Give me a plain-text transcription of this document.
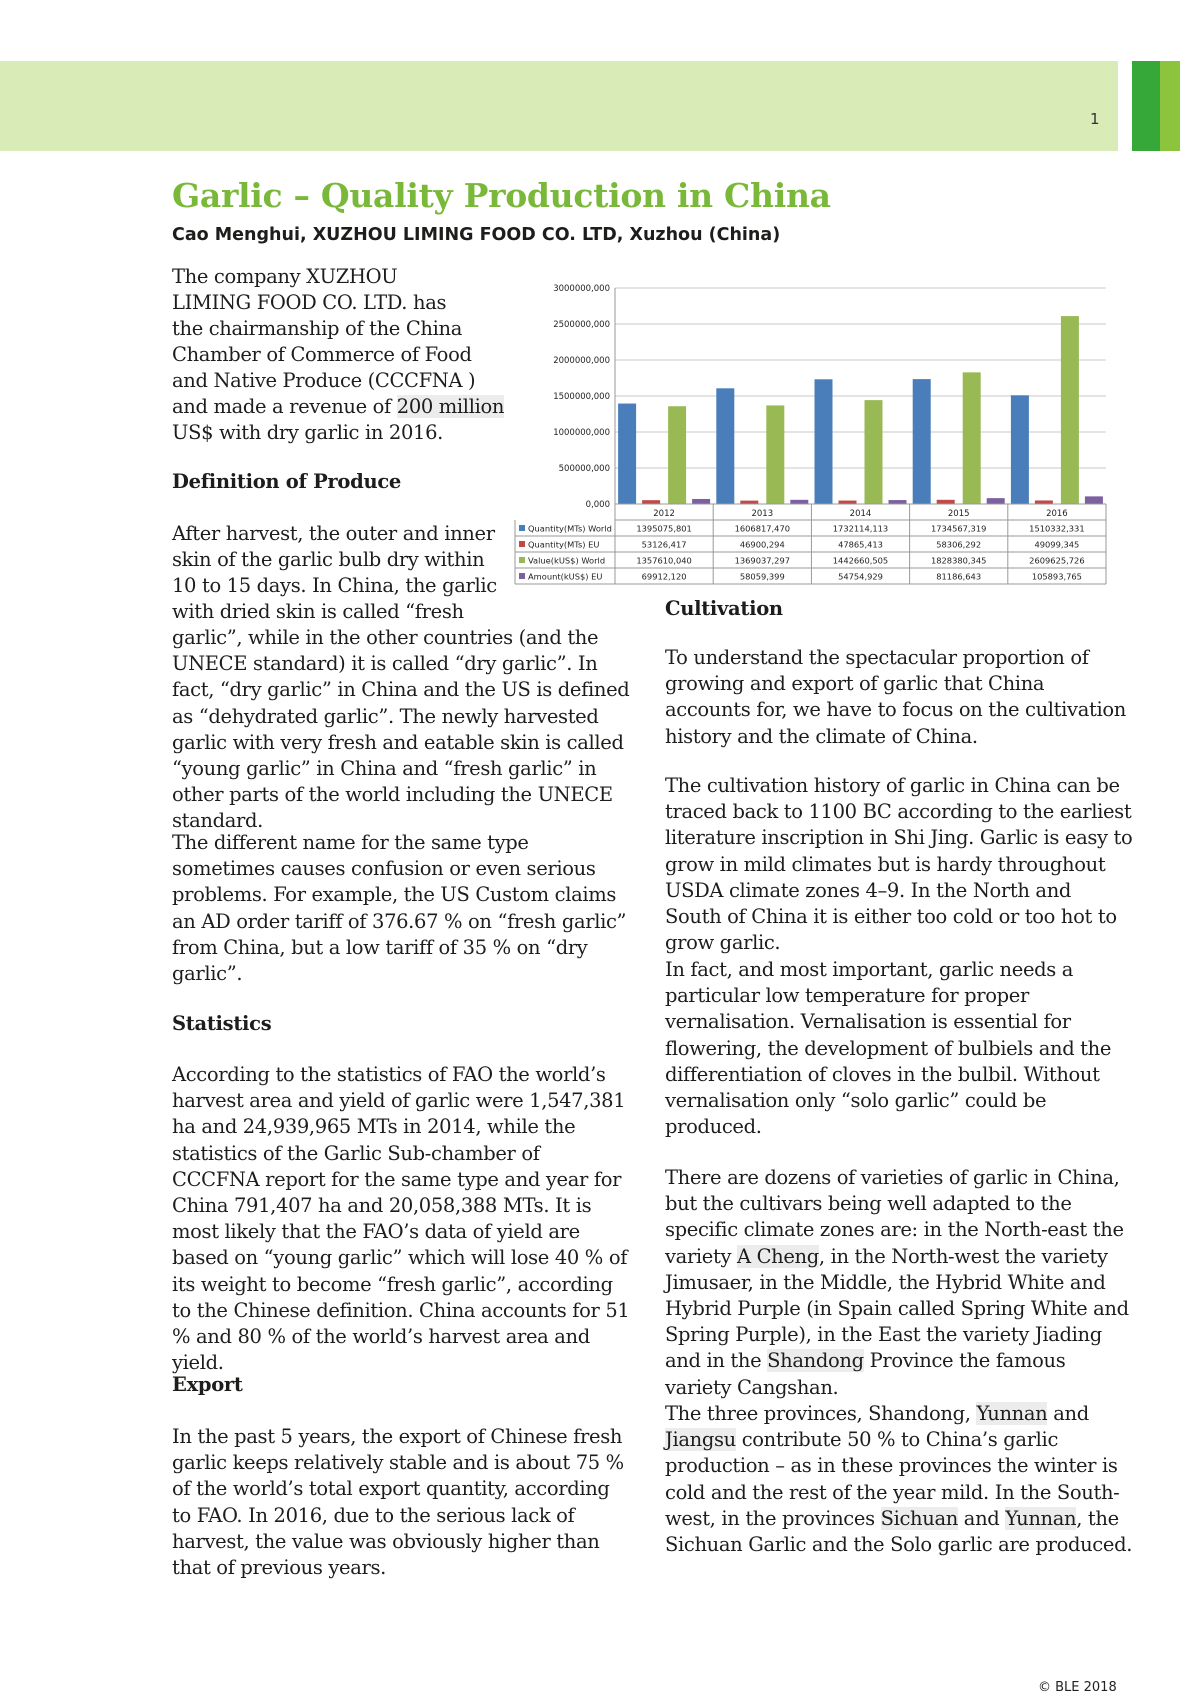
1
Garlic – Quality Production in China

Cao Menghui, XUZHOU LIMING FOOD CO. LTD, Xuzhou (China)

The company XUZHOU

LIMING FOOD CO. LTD. has

the chairmanship of the China

Chamber of Commerce of Food

and Native Produce (CCCFNA )

and made a revenue of 200 million

US$ with dry garlic in 2016.

Definition of Produce

After harvest, the outer and inner

skin of the garlic bulb dry within

10 to 15 days. In China, the garlic

with dried skin is called “fresh

garlic”, while in the other countries (and the UNECE standard) it is called “dry garlic”. In fact, “dry garlic” in China and the US is defined as “dehydrated garlic”. The newly harvested garlic with very fresh and eatable skin is called “young garlic” in China and “fresh garlic” in other parts of the world including the UNECE standard.

The different name for the same type sometimes causes confusion or even serious problems. For example, the US Custom claims an AD order tariff of 376.67 % on “fresh garlic” from China, but a low tariff of 35 % on “dry garlic”.

Statistics

According to the statistics of FAO the world’s harvest area and yield of garlic were 1,547,381 ha and 24,939,965 MTs in 2014, while the statistics of the Garlic Sub-chamber of CCCFNA report for the same type and year for China 791,407 ha and 20,058,388 MTs. It is most likely that the FAO’s data of yield are based on “young garlic” which will lose 40 % of its weight to become “fresh garlic”, according to the Chinese definition. China accounts for 51 % and 80 % of the world’s harvest area and yield.

Export

In the past 5 years, the export of Chinese fresh garlic keeps relatively stable and is about 75 % of the world’s total export quantity, according to FAO. In 2016, due to the serious lack of harvest, the value was obviously higher than that of previous years.

Cultivation

To understand the spectacular proportion of growing and export of garlic that China accounts for, we have to focus on the cultivation history and the climate of China.

The cultivation history of garlic in China can be traced back to 1100 BC according to the earliest literature inscription in Shi Jing. Garlic is easy to grow in mild climates but is hardy throughout USDA climate zones 4–9. In the North and South of China it is either too cold or too hot to grow garlic.

In fact, and most important, garlic needs a particular low temperature for proper vernalisation. Vernalisation is essential for flowering, the development of bulbiels and the differentiation of cloves in the bulbil. Without vernalisation only “solo garlic” could be produced.

There are dozens of varieties of garlic in China, but the cultivars being well adapted to the specific climate zones are: in the North-east the variety A Cheng, in the North-west the variety Jimusaer, in the Middle, the Hybrid White and Hybrid Purple (in Spain called Spring White and Spring Purple), in the East the variety Jiading and in the Shandong Province the famous variety Cangshan.

The three provinces, Shandong, Yunnan and Jiangsu contribute 50 % to China’s garlic production – as in these provinces the winter is cold and the rest of the year mild. In the South-west, in the provinces Sichuan and Yunnan, the Sichuan Garlic and the Solo garlic are produced.

0,000
500000,000
1000000,000
1500000,000
2000000,000
2500000,000
3000000,000
2012	2013	2014	2015	2016
Quantity(MTs) World	1395075,801	1606817,470	1732114,113	1734567,319	1510332,331
Quantity(MTs) EU	53126,417	46900,294	47865,413	58306,292	49099,345
Value(kUS$) World	1357610,040	1369037,297	1442660,505	1828380,345	2609625,726
Amount(kUS$) EU	69912,120	58059,399	54754,929	81186,643	105893,765
© BLE 2018
